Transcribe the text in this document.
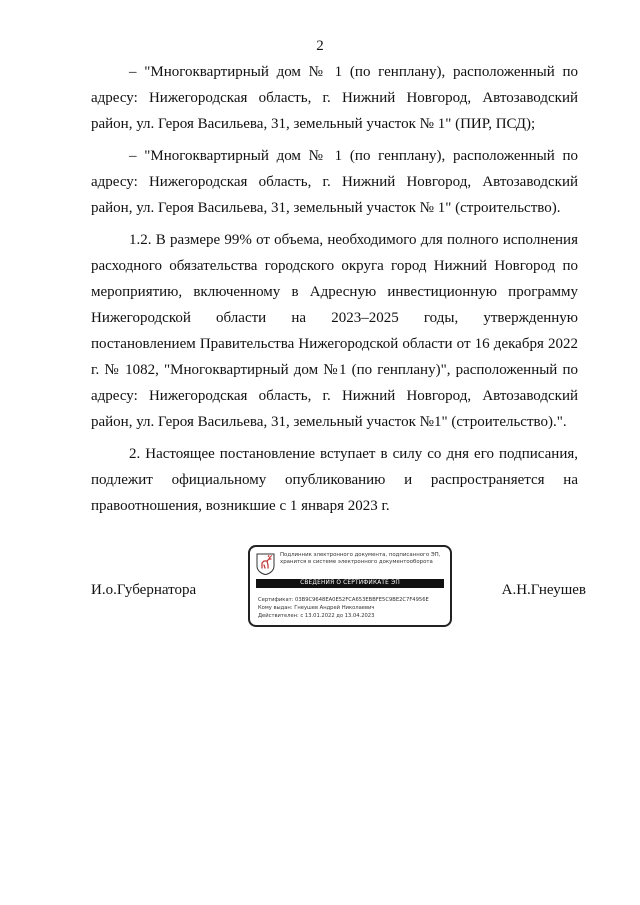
2

– "Многоквартирный дом № 1 (по генплану), расположенный по адресу: Нижегородская область, г. Нижний Новгород, Автозаводский район, ул. Героя Васильева, 31, земельный участок № 1" (ПИР, ПСД);

– "Многоквартирный дом № 1 (по генплану), расположенный по адресу: Нижегородская область, г. Нижний Новгород, Автозаводский район, ул. Героя Васильева, 31, земельный участок № 1" (строительство).

1.2. В размере 99% от объема, необходимого для полного исполнения расходного обязательства городского округа город Нижний Новгород по мероприятию, включенному в Адресную инвестиционную программу Нижегородской области на 2023–2025 годы, утвержденную постановлением Правительства Нижегородской области от 16 декабря 2022 г. № 1082, "Многоквартирный дом №1 (по генплану)", расположенный по адресу: Нижегородская область, г. Нижний Новгород, Автозаводский район, ул. Героя Васильева, 31, земельный участок №1" (строительство).".

2. Настоящее постановление вступает в силу со дня его подписания, подлежит официальному опубликованию и распространяется на правоотношения, возникшие с 1 января 2023 г.

И.о.Губернатора
Подлинник электронного документа, подписанного ЭП, хранится в системе электронного документооборота
СВЕДЕНИЯ О СЕРТИФИКАТЕ ЭП
Сертификат: 03B9C9648EA0E52FCA653EBBFE5C9BE2C7F4956E
Кому выдан: Гнеушев Андрей Николаевич
Действителен: с 13.01.2022 до 13.04.2023
А.Н.Гнеушев
